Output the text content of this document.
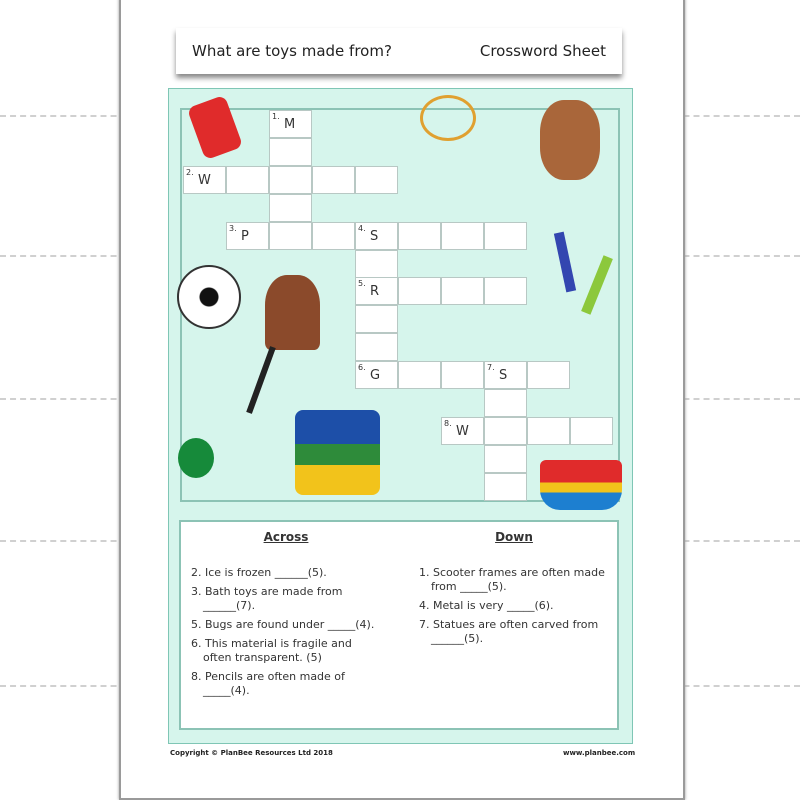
What are toys made from?	Crossword Sheet
1.
M
2.
W
3.
P
4.
S
5.
R
6.
G
7.
S
8.
W
Across

2. Ice is frozen ______(5).

3. Bath toys are made from ______(7).

5. Bugs are found under _____(4).

6. This material is fragile and often transparent. (5)

8. Pencils are often made of _____(4).

Down

1. Scooter frames are often made from _____(5).

4. Metal is very _____(6).

7. Statues are often carved from ______(5).

Copyright © PlanBee Resources Ltd 2018	www.planbee.com
